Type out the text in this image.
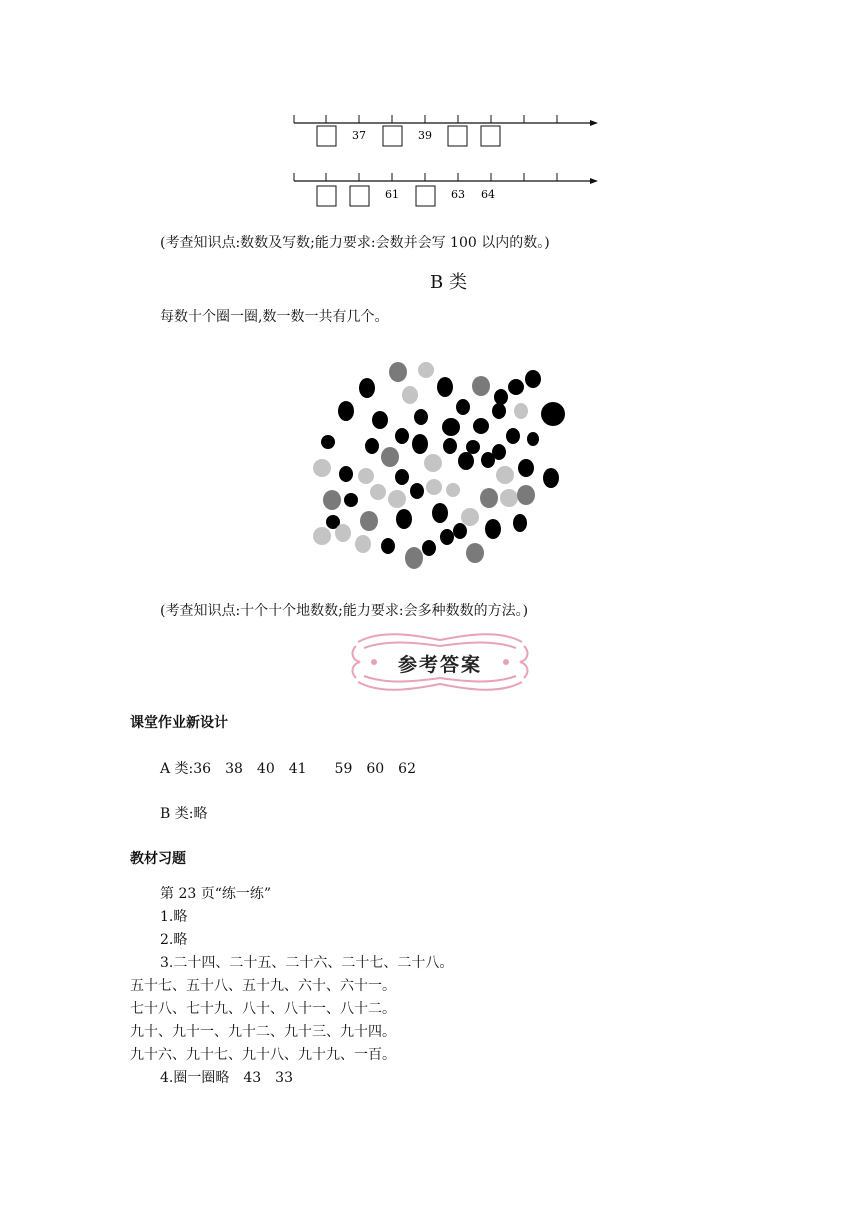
37	39
61	63 64
(考查知识点:数数及写数;能力要求:会数并会写 100 以内的数。)
B 类
每数十个圈一圈,数一数一共有几个。
(考查知识点:十个十个地数数;能力要求:会多种数数的方法。)
参考答案
课堂作业新设计
A 类:36　38　40　41　　59　60　62
B 类:略
教材习题
第 23 页“练一练”
1.略
2.略
3.二十四、二十五、二十六、二十七、二十八。
五十七、五十八、五十九、六十、六十一。
七十八、七十九、八十、八十一、八十二。
九十、九十一、九十二、九十三、九十四。
九十六、九十七、九十八、九十九、一百。
4.圈一圈略　43　33
